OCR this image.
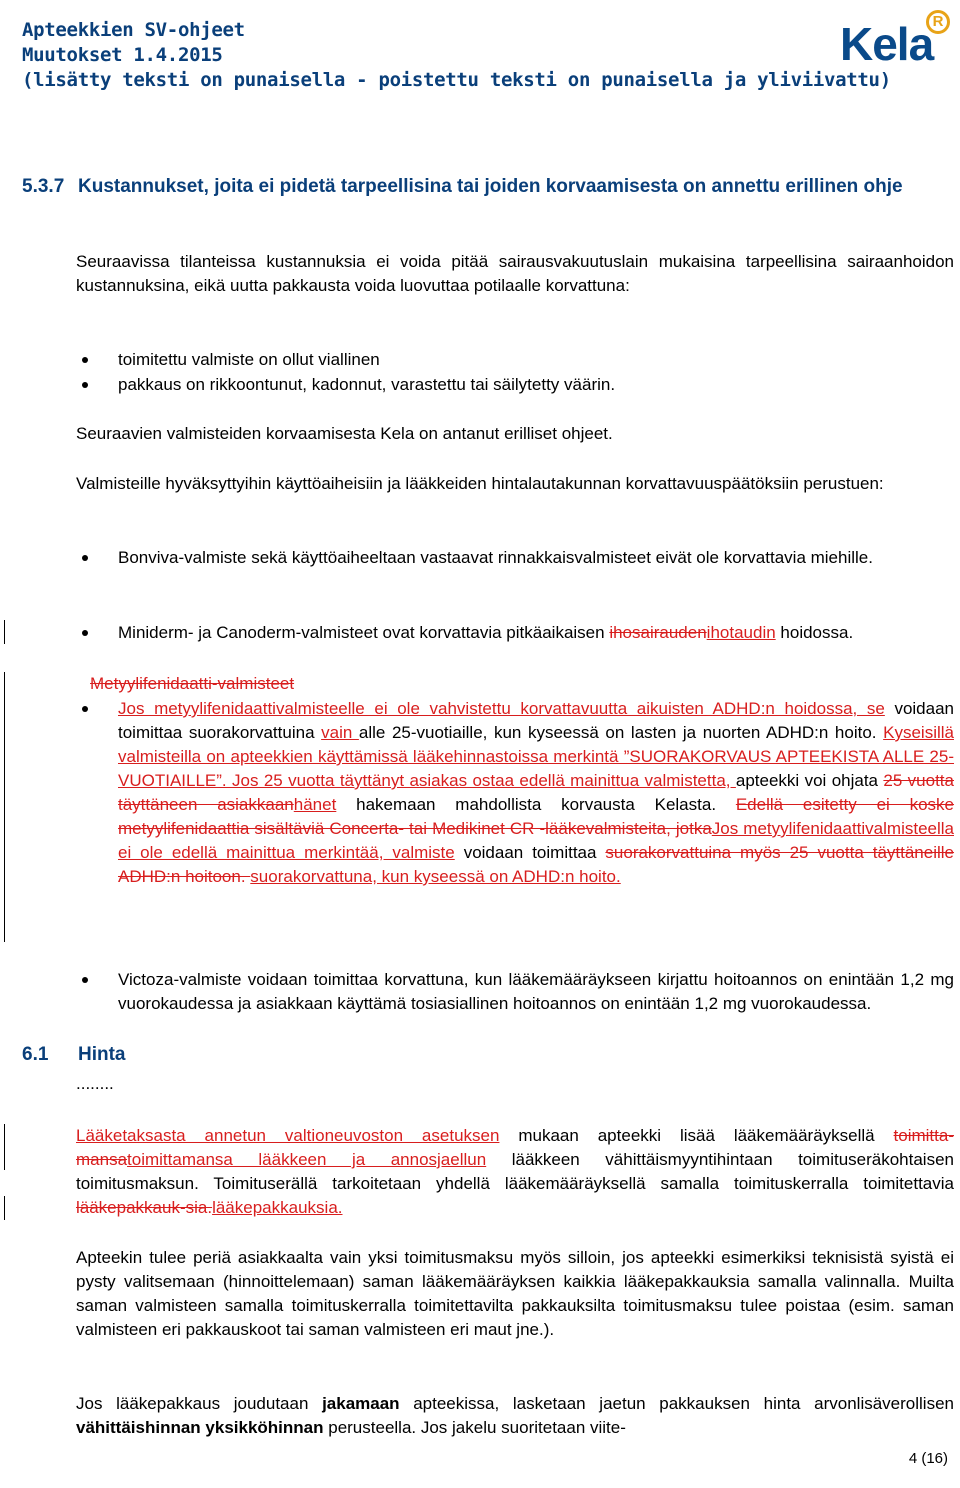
Apteekkien SV-ohjeet
Muutokset 1.4.2015
(lisätty teksti on punaisella - poistettu teksti on punaisella ja yliviivattu)
Kela R
5.3.7 Kustannukset, joita ei pidetä tarpeellisina tai joiden korvaamisesta on annettu erillinen ohje
Seuraavissa tilanteissa kustannuksia ei voida pitää sairausvakuutuslain mukaisina tarpeellisina sairaanhoidon kustannuksina, eikä uutta pakkausta voida luovuttaa potilaalle korvattuna:
toimitettu valmiste on ollut viallinen
pakkaus on rikkoontunut, kadonnut, varastettu tai säilytetty väärin.
Seuraavien valmisteiden korvaamisesta Kela on antanut erilliset ohjeet.
Valmisteille hyväksyttyihin käyttöaiheisiin ja lääkkeiden hintalautakunnan korvattavuuspäätöksiin perustuen:
Bonviva-valmiste sekä käyttöaiheeltaan vastaavat rinnakkaisvalmisteet eivät ole korvattavia miehille.
Miniderm- ja Canoderm-valmisteet ovat korvattavia pitkäaikaisen ihosairaudenihotaudin hoidossa.
Metyylifenidaatti-valmisteet
Jos metyylifenidaattivalmisteelle ei ole vahvistettu korvattavuutta aikuisten ADHD:n hoidossa, se voidaan toimittaa suorakorvattuina vain alle 25-vuotiaille, kun kyseessä on lasten ja nuorten ADHD:n hoito. Kyseisillä valmisteilla on apteekkien käyttämissä lääkehinnastoissa merkintä ”SUORAKORVAUS APTEEKISTA ALLE 25-VUOTIAILLE”. Jos 25 vuotta täyttänyt asiakas ostaa edellä mainittua valmistetta, apteekki voi ohjata 25 vuotta täyttäneen asiakkaanhänet hakemaan mahdollista korvausta Kelasta. Edellä esitetty ei koske metyylifenidaattia sisältäviä Concerta- tai Medikinet CR -lääkevalmisteita, jotkaJos metyylifenidaattivalmisteella ei ole edellä mainittua merkintää, valmiste voidaan toimittaa suorakorvattuina myös 25 vuotta täyttäneille ADHD:n hoitoon. suorakorvattuna, kun kyseessä on ADHD:n hoito.
Victoza-valmiste voidaan toimittaa korvattuna, kun lääkemääräykseen kirjattu hoitoannos on enintään 1,2 mg vuorokaudessa ja asiakkaan käyttämä tosiasiallinen hoitoannos on enintään 1,2 mg vuorokaudessa.
6.1 Hinta
........
Lääketaksasta annetun valtioneuvoston asetuksen mukaan apteekki lisää lääkemääräyksellä toimitta-mansatoimittamansa lääkkeen ja annosjaellun lääkkeen vähittäismyyntihintaan toimituseräkohtaisen toimitusmaksun. Toimituserällä tarkoitetaan yhdellä lääkemääräyksellä samalla toimituskerralla toimitettavia lääkepakkauk-sia.lääkepakkauksia.
Apteekin tulee periä asiakkaalta vain yksi toimitusmaksu myös silloin, jos apteekki esimerkiksi teknisistä syistä ei pysty valitsemaan (hinnoittelemaan) saman lääkemääräyksen kaikkia lääkepakkauksia samalla valinnalla. Muilta saman valmisteen samalla toimituskerralla toimitettavilta pakkauksilta toimitusmaksu tulee poistaa (esim. saman valmisteen eri pakkauskoot tai saman valmisteen eri maut jne.).
Jos lääkepakkaus joudutaan jakamaan apteekissa, lasketaan jaetun pakkauksen hinta arvonlisäverollisen vähittäishinnan yksikköhinnan perusteella. Jos jakelu suoritetaan viite-
4 (16)
